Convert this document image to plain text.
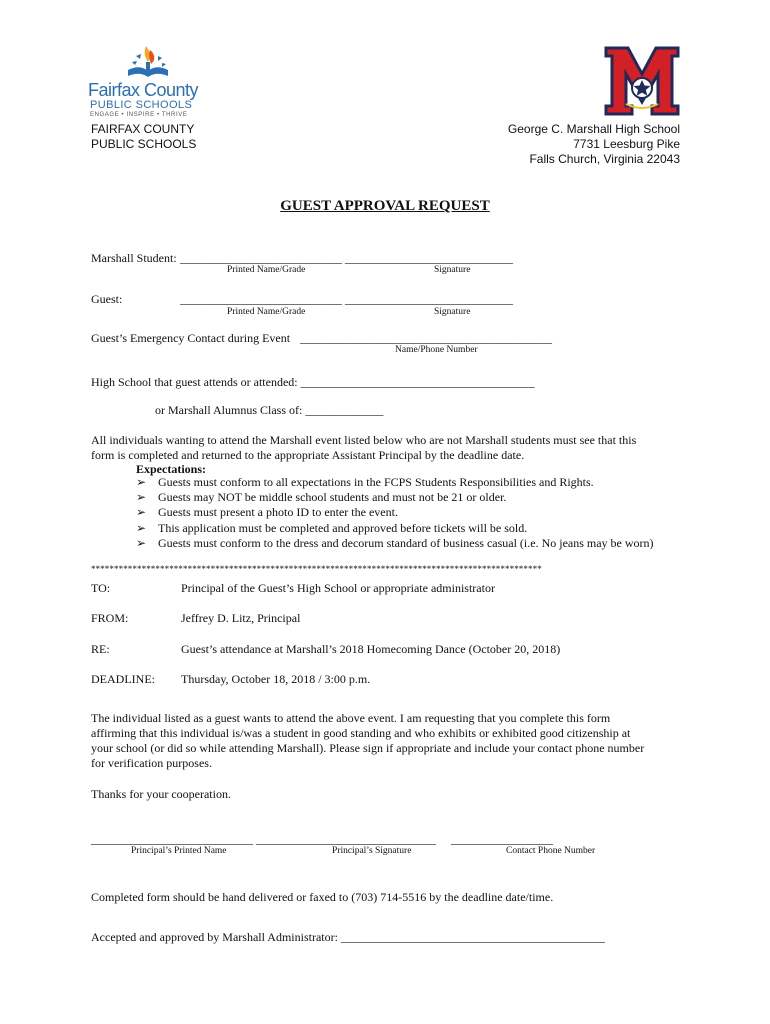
Fairfax County
PUBLIC SCHOOLS
ENGAGE • INSPIRE • THRIVE
FAIRFAX COUNTY
PUBLIC SCHOOLS
George C. Marshall High School
7731 Leesburg Pike
Falls Church, Virginia 22043
GUEST APPROVAL REQUEST
Marshall Student: ___________________________ ____________________________
Printed Name/Grade	Signature
Guest:	___________________________ ____________________________
Printed Name/Grade	Signature
Guest’s Emergency Contact during Event __________________________________________
Name/Phone Number
High School that guest attends or attended: _______________________________________
or Marshall Alumnus Class of: _____________
All individuals wanting to attend the Marshall event listed below who are not Marshall students must see that this
form is completed and returned to the appropriate Assistant Principal by the deadline date.
Expectations:
➢ Guests must conform to all expectations in the FCPS Students Responsibilities and Rights.
➢ Guests may NOT be middle school students and must not be 21 or older.
➢ Guests must present a photo ID to enter the event.
➢ This application must be completed and approved before tickets will be sold.
➢ Guests must conform to the dress and decorum standard of business casual (i.e. No jeans may be worn)
**************************************************************************************************
TO:	Principal of the Guest’s High School or appropriate administrator
FROM:	Jeffrey D. Litz, Principal
RE:	Guest’s attendance at Marshall’s 2018 Homecoming Dance (October 20, 2018)
DEADLINE: Thursday, October 18, 2018 / 3:00 p.m.
The individual listed as a guest wants to attend the above event. I am requesting that you complete this form
affirming that this individual is/was a student in good standing and who exhibits or exhibited good citizenship at
your school (or did so while attending Marshall). Please sign if appropriate and include your contact phone number
for verification purposes.
Thanks for your cooperation.
___________________________ ______________________________     _________________
Principal’s Printed Name	Principal’s Signature	Contact Phone Number
Completed form should be hand delivered or faxed to (703) 714-5516 by the deadline date/time.
Accepted and approved by Marshall Administrator: ____________________________________________
